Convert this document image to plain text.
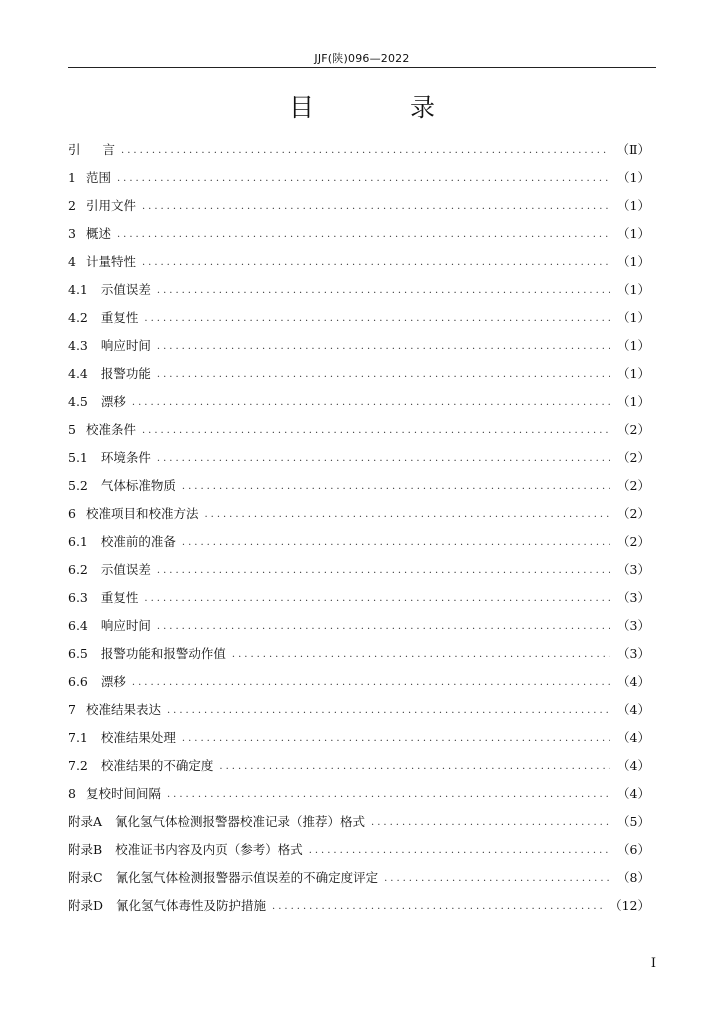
JJF(陕)096—2022
目 录
引 言 .....	（Ⅱ）
1 范围 .....	（1）
2 引用文件 .....	（1）
3 概述 .....	（1）
4 计量特性 .....	（1）
4.1 示值误差 .....	（1）
4.2 重复性 .....	（1）
4.3 响应时间 .....	（1）
4.4 报警功能 .....	（1）
4.5 漂移 .....	（1）
5 校准条件 .....	（2）
5.1 环境条件 .....	（2）
5.2 气体标准物质 .....	（2）
6 校准项目和校准方法 .....	（2）
6.1 校准前的准备 .....	（2）
6.2 示值误差 .....	（3）
6.3 重复性 .....	（3）
6.4 响应时间 .....	（3）
6.5 报警功能和报警动作值 .....	（3）
6.6 漂移 .....	（4）
7 校准结果表达 .....	（4）
7.1 校准结果处理 .....	（4）
7.2 校准结果的不确定度 .....	（4）
8 复校时间间隔 .....	（4）
附录A 氰化氢气体检测报警器校准记录（推荐）格式 .....	（5）
附录B 校准证书内容及内页（参考）格式 .....	（6）
附录C 氰化氢气体检测报警器示值误差的不确定度评定 .....	（8）
附录D 氰化氢气体毒性及防护措施 .....	（12）
I
